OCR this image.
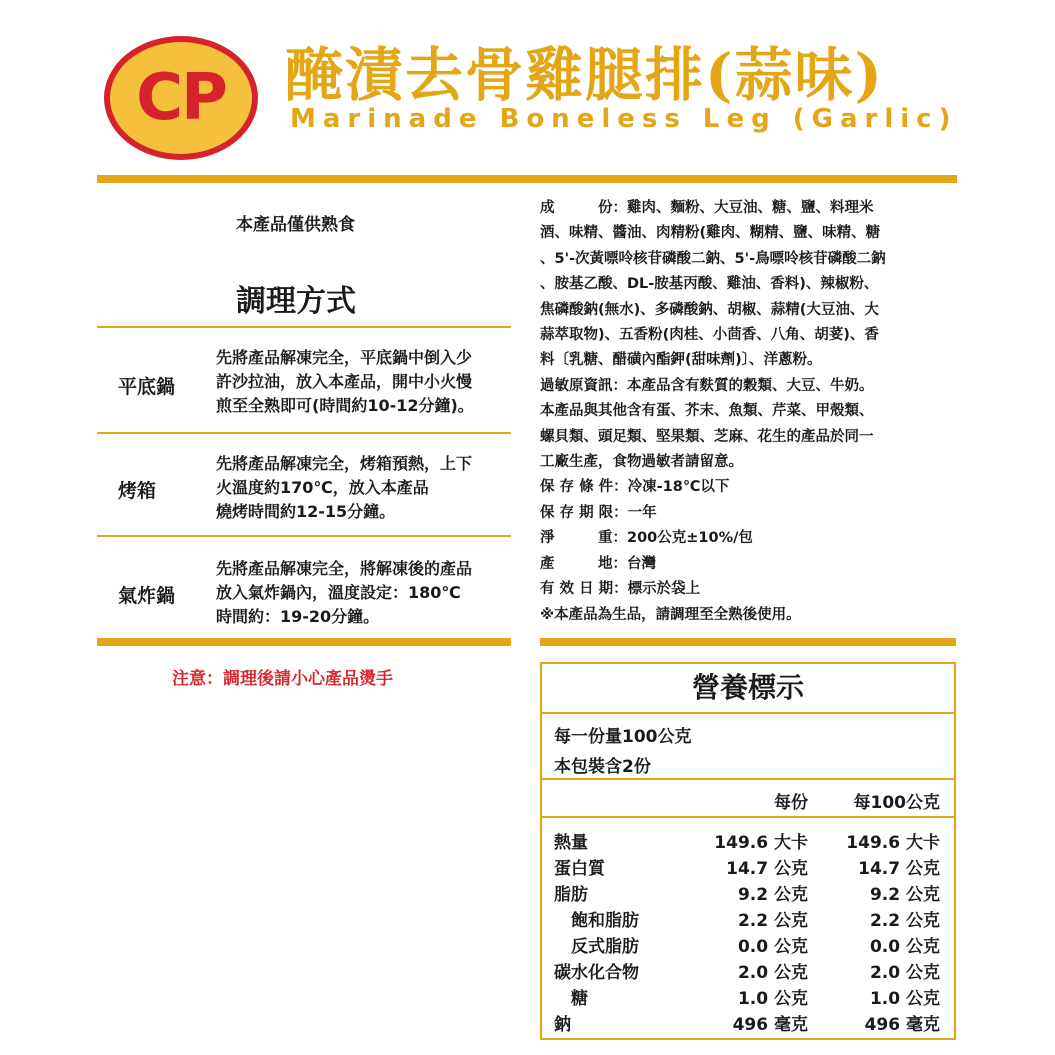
CP 醃漬去骨雞腿排(蒜味)
Marinade Boneless Leg (Garlic)
本產品僅供熟食
調理方式
平底鍋
先將產品解凍完全，平底鍋中倒入少
許沙拉油，放入本產品，開中小火慢
煎至全熟即可(時間約10-12分鐘)。
烤箱
先將產品解凍完全，烤箱預熱，上下
火溫度約170℃，放入本產品
燒烤時間約12-15分鐘。
氣炸鍋
先將產品解凍完全，將解凍後的產品
放入氣炸鍋內，溫度設定：180℃
時間約：19-20分鐘。
注意：調理後請小心產品燙手

成　　　份：雞肉、麵粉、大豆油、糖、鹽、料理米

酒、味精、醬油、肉精粉(雞肉、糊精、鹽、味精、糖

、5'-次黃嘌呤核苷磷酸二鈉、5'-鳥嘌呤核苷磷酸二鈉

、胺基乙酸、DL-胺基丙酸、雞油、香料)、辣椒粉、

焦磷酸鈉(無水)、多磷酸鈉、胡椒、蒜精(大豆油、大

蒜萃取物)、五香粉(肉桂、小茴香、八角、胡荽)、香

料〔乳糖、醋磺內酯鉀(甜味劑)〕、洋蔥粉。

過敏原資訊：本產品含有麩質的穀類、大豆、牛奶。

本產品與其他含有蛋、芥末、魚類、芹菜、甲殼類、

螺貝類、頭足類、堅果類、芝麻、花生的產品於同一

工廠生產，食物過敏者請留意。

保 存 條 件：冷凍-18℃以下

保 存 期 限：一年

淨　　　重：200公克±10%/包

產　　　地：台灣

有 效 日 期：標示於袋上

※本產品為生品，請調理至全熟後使用。

營養標示
每一份量100公克
本包裝含2份
每份	每100公克
熱量	149.6 大卡 149.6 大卡
蛋白質	14.7 公克	14.7 公克
脂肪	9.2 公克	9.2 公克
　飽和脂肪	2.2 公克	2.2 公克
　反式脂肪	0.0 公克	0.0 公克
碳水化合物	2.0 公克	2.0 公克
　糖	1.0 公克	1.0 公克
鈉	496 毫克	496 毫克
